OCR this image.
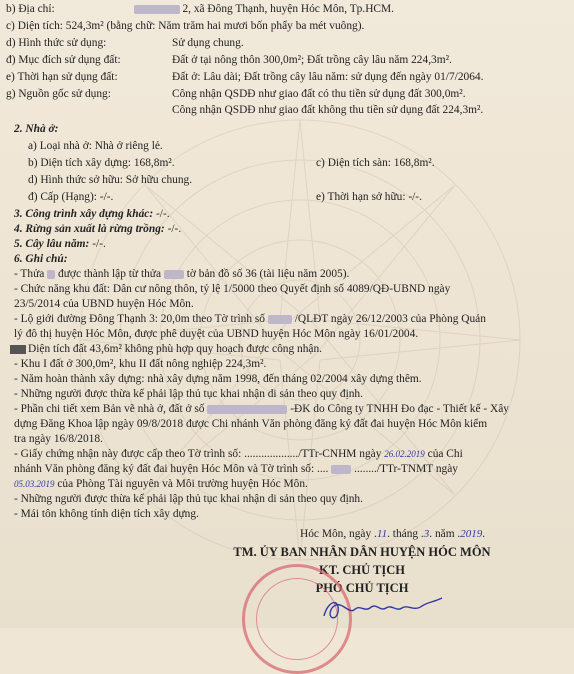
b) Địa chỉ:	2, xã Đông Thạnh, huyện Hóc Môn, Tp.HCM.
c) Diện tích: 524,3m² (bằng chữ: Năm trăm hai mươi bốn phẩy ba mét vuông).
d) Hình thức sử dụng:	Sử dụng chung.
đ) Mục đích sử dụng đất:	Đất ở tại nông thôn 300,0m²; Đất trồng cây lâu năm 224,3m².
e) Thời hạn sử dụng đất:	Đất ở: Lâu dài; Đất trồng cây lâu năm: sử dụng đến ngày 01/7/2064.
g) Nguồn gốc sử dụng:	Công nhận QSDĐ như giao đất có thu tiền sử dụng đất 300,0m².
Công nhận QSDĐ như giao đất không thu tiền sử dụng đất 224,3m².
2. Nhà ở:
a) Loại nhà ở: Nhà ở riêng lẻ.
b) Diện tích xây dựng: 168,8m².	c) Diện tích sàn: 168,8m².
d) Hình thức sở hữu: Sở hữu chung.
đ) Cấp (Hạng): -/-.	e) Thời hạn sở hữu: -/-.
3. Công trình xây dựng khác: -/-.
4. Rừng sản xuất là rừng trồng: -/-.
5. Cây lâu năm: -/-.
6. Ghi chú:
- Thửa được thành lập từ thửa tờ bản đồ số 36 (tài liệu năm 2005).
- Chức năng khu đất: Dân cư nông thôn, tỷ lệ 1/5000 theo Quyết định số 4089/QĐ-UBND ngày
23/5/2014 của UBND huyện Hóc Môn.
- Lộ giới đường Đông Thạnh 3: 20,0m theo Tờ trình số	/QLĐT ngày 26/12/2003 của Phòng Quản
lý đô thị huyện Hóc Môn, được phê duyệt của UBND huyện Hóc Môn ngày 16/01/2004.
Diện tích đất 43,6m² không phù hợp quy hoạch được công nhận.
- Khu I đất ở 300,0m², khu II đất nông nghiệp 224,3m².
- Năm hoàn thành xây dựng: nhà xây dựng năm 1998, đến tháng 02/2004 xây dựng thêm.
- Những người được thừa kế phải lập thủ tục khai nhận di sản theo quy định.
- Phần chi tiết xem Bản vẽ nhà ở, đất ở số	-ĐK do Công ty TNHH Đo đạc - Thiết kế - Xây
dựng Đăng Khoa lập ngày 09/8/2018 được Chi nhánh Văn phòng đăng ký đất đai huyện Hóc Môn kiểm
tra ngày 16/8/2018.
- Giấy chứng nhận này được cấp theo Tờ trình số: .................../TTr-CNHM ngày 26.02.2019 của Chi
nhánh Văn phòng đăng ký đất đai huyện Hóc Môn và Tờ trình số: .... ......../TTr-TNMT ngày
05.03.2019 của Phòng Tài nguyên và Môi trường huyện Hóc Môn.
- Những người được thừa kế phải lập thủ tục khai nhận di sản theo quy định.
- Mái tôn không tính diện tích xây dựng.
Hóc Môn, ngày .11. tháng .3. năm .2019.
TM. ỦY BAN NHÂN DÂN HUYỆN HÓC MÔN
KT. CHỦ TỊCH
PHÓ CHỦ TỊCH
